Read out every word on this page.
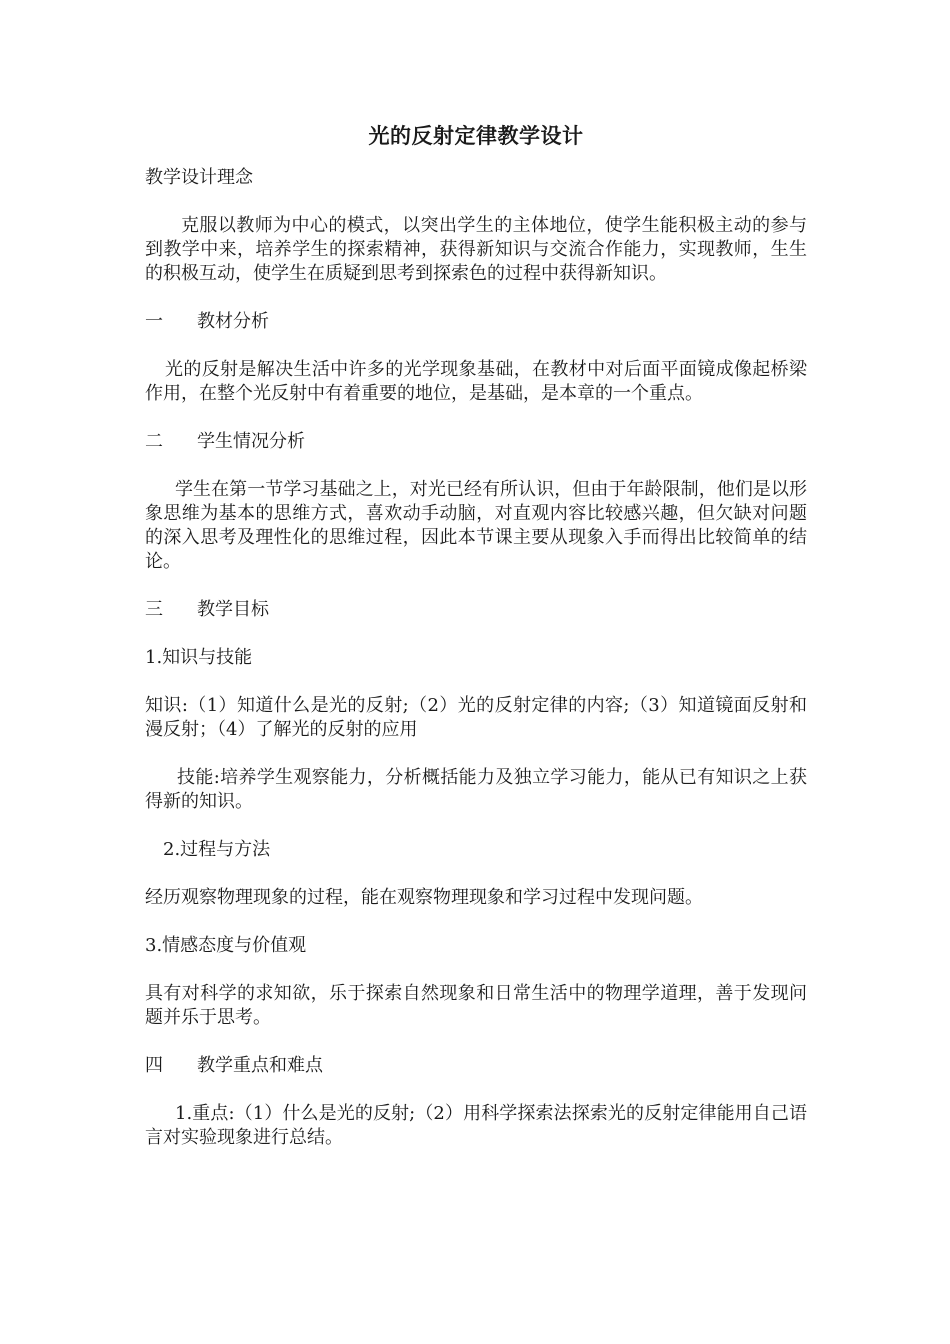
光的反射定律教学设计
教学设计理念
克服以教师为中心的模式，以突出学生的主体地位，使学生能积极主动的参与到教学中来，培养学生的探索精神，获得新知识与交流合作能力，实现教师，生生的积极互动，使学生在质疑到思考到探索色的过程中获得新知识。
一 教材分析
光的反射是解决生活中许多的光学现象基础，在教材中对后面平面镜成像起桥梁作用，在整个光反射中有着重要的地位，是基础，是本章的一个重点。
二 学生情况分析
学生在第一节学习基础之上，对光已经有所认识，但由于年龄限制，他们是以形象思维为基本的思维方式，喜欢动手动脑，对直观内容比较感兴趣，但欠缺对问题的深入思考及理性化的思维过程，因此本节课主要从现象入手而得出比较简单的结论。
三 教学目标
1.知识与技能
知识:（1）知道什么是光的反射;（2）光的反射定律的内容;（3）知道镜面反射和漫反射；（4）了解光的反射的应用
技能:培养学生观察能力，分析概括能力及独立学习能力，能从已有知识之上获得新的知识。
2.过程与方法
经历观察物理现象的过程，能在观察物理现象和学习过程中发现问题。
3.情感态度与价值观
具有对科学的求知欲，乐于探索自然现象和日常生活中的物理学道理，善于发现问题并乐于思考。
四 教学重点和难点
1.重点:（1）什么是光的反射;（2）用科学探索法探索光的反射定律能用自己语言对实验现象进行总结。
